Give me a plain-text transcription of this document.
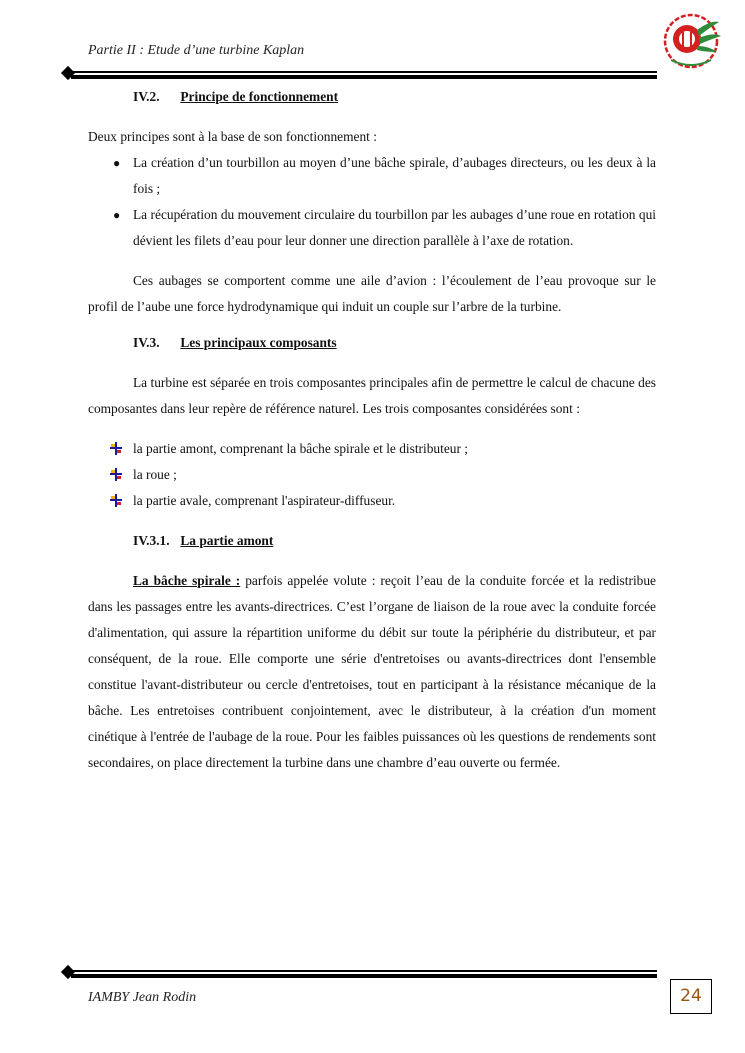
Partie II : Etude d’une turbine Kaplan
IV.2. Principe de fonctionnement

Deux principes sont à la base de son fonctionnement :

● La création d’un tourbillon au moyen d’une bâche spirale, d’aubages directeurs, ou les deux à la fois ;
● La récupération du mouvement circulaire du tourbillon par les aubages d’une roue en rotation qui dévient les filets d’eau pour leur donner une direction parallèle à l’axe de rotation.

Ces aubages se comportent comme une aile d’avion : l’écoulement de l’eau provoque sur le profil de l’aube une force hydrodynamique qui induit un couple sur l’arbre de la turbine.

IV.3. Les principaux composants

La turbine est séparée en trois composantes principales afin de permettre le calcul de chacune des composantes dans leur repère de référence naturel. Les trois composantes considérées sont :

la partie amont, comprenant la bâche spirale et le distributeur ;
la roue ;
la partie avale, comprenant l'aspirateur-diffuseur.
IV.3.1. La partie amont

La bâche spirale : parfois appelée volute : reçoit l’eau de la conduite forcée et la redistribue dans les passages entre les avants-directrices. C’est l’organe de liaison de la roue avec la conduite forcée d'alimentation, qui assure la répartition uniforme du débit sur toute la périphérie du distributeur, et par conséquent, de la roue. Elle comporte une série d'entretoises ou avants-directrices dont l'ensemble constitue l'avant-distributeur ou cercle d'entretoises, tout en participant à la résistance mécanique de la bâche. Les entretoises contribuent conjointement, avec le distributeur, à la création d'un moment cinétique à l'entrée de l'aubage de la roue. Pour les faibles puissances où les questions de rendements sont secondaires, on place directement la turbine dans une chambre d’eau ouverte ou fermée.

IAMBY Jean Rodin	24
